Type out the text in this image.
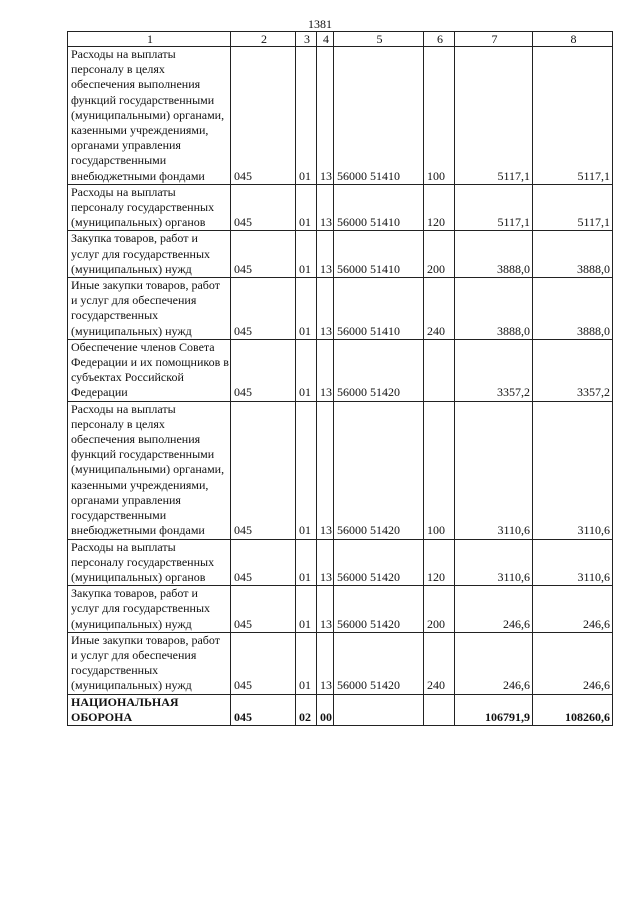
1381
1	2	3	4	5	6	7	8
Расходы на выплаты персоналу в целях обеспечения выполнения функций государственными (муниципальными) органами, казенными учреждениями, органами управления государственными внебюджетными фондами	045	01	13	56000 51410	100	5117,1	5117,1
Расходы на выплаты персоналу государственных (муниципальных) органов	045	01	13	56000 51410	120	5117,1	5117,1
Закупка товаров, работ и услуг для государственных (муниципальных) нужд	045	01	13	56000 51410	200	3888,0	3888,0
Иные закупки товаров, работ и услуг для обеспечения государственных (муниципальных) нужд	045	01	13	56000 51410	240	3888,0	3888,0
Обеспечение членов Совета Федерации и их помощников в субъектах Российской Федерации	045	01	13	56000 51420		3357,2	3357,2
Расходы на выплаты персоналу в целях обеспечения выполнения функций государственными (муниципальными) органами, казенными учреждениями, органами управления государственными внебюджетными фондами	045	01	13	56000 51420	100	3110,6	3110,6
Расходы на выплаты персоналу государственных (муниципальных) органов	045	01	13	56000 51420	120	3110,6	3110,6
Закупка товаров, работ и услуг для государственных (муниципальных) нужд	045	01	13	56000 51420	200	246,6	246,6
Иные закупки товаров, работ и услуг для обеспечения государственных (муниципальных) нужд	045	01	13	56000 51420	240	246,6	246,6
НАЦИОНАЛЬНАЯ ОБОРОНА	045	02	00			106791,9	108260,6
